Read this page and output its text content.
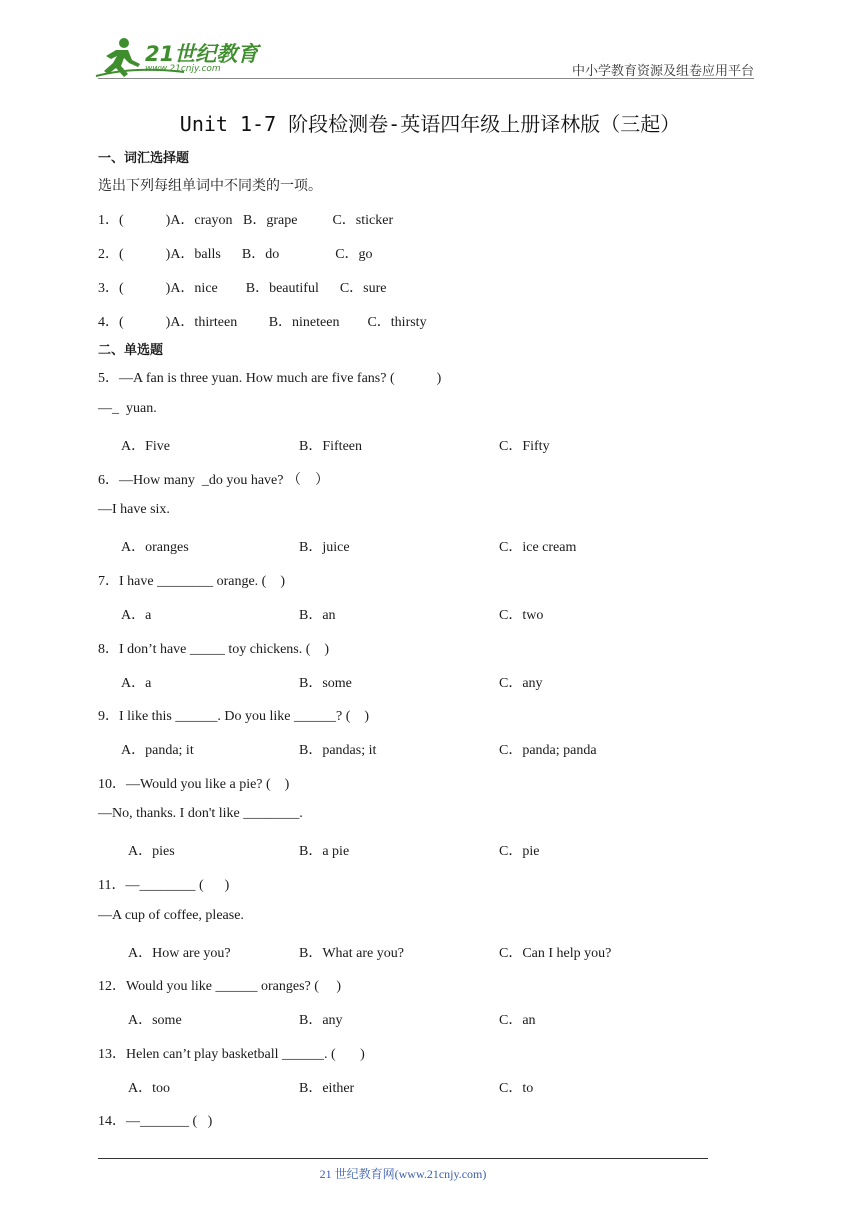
21世纪教育
www.21cnjy.com	中小学教育资源及组卷应用平台
Unit 1-7 阶段检测卷-英语四年级上册译林版（三起）
一、词汇选择题
选出下列每组单词中不同类的一项。
1．(            )A．crayon   B．grape          C．sticker
2．(            )A．balls      B．do                C．go
3．(            )A．nice        B．beautiful      C．sure
4．(            )A．thirteen         B．nineteen        C．thirsty
二、单选题
5．—A fan is three yuan. How much are five fans? (            )
—_  yuan.
A．Five	B．Fifteen	C．Fifty
6．—How many  _do you have? （    ）
—I have six.
A．oranges	B．juice	C．ice cream
7．I have ________ orange. (    )
A．a	B．an	C．two
8．I don’t have _____ toy chickens. (    )
A．a	B．some	C．any
9．I like this ______. Do you like ______? (    )
A．panda; it	B．pandas; it	C．panda; panda
10．—Would you like a pie? (    )
—No, thanks. I don't like ________.
A．pies	B．a pie	C．pie
11．—________ (      )
—A cup of coffee, please.
A．How are you?	B．What are you?	C．Can I help you?
12．Would you like ______ oranges? (     )
A．some	B．any	C．an
13．Helen can’t play basketball ______. (       )
A．too	B．either	C．to
14．—_______ (   )
21 世纪教育网(www.21cnjy.com)
